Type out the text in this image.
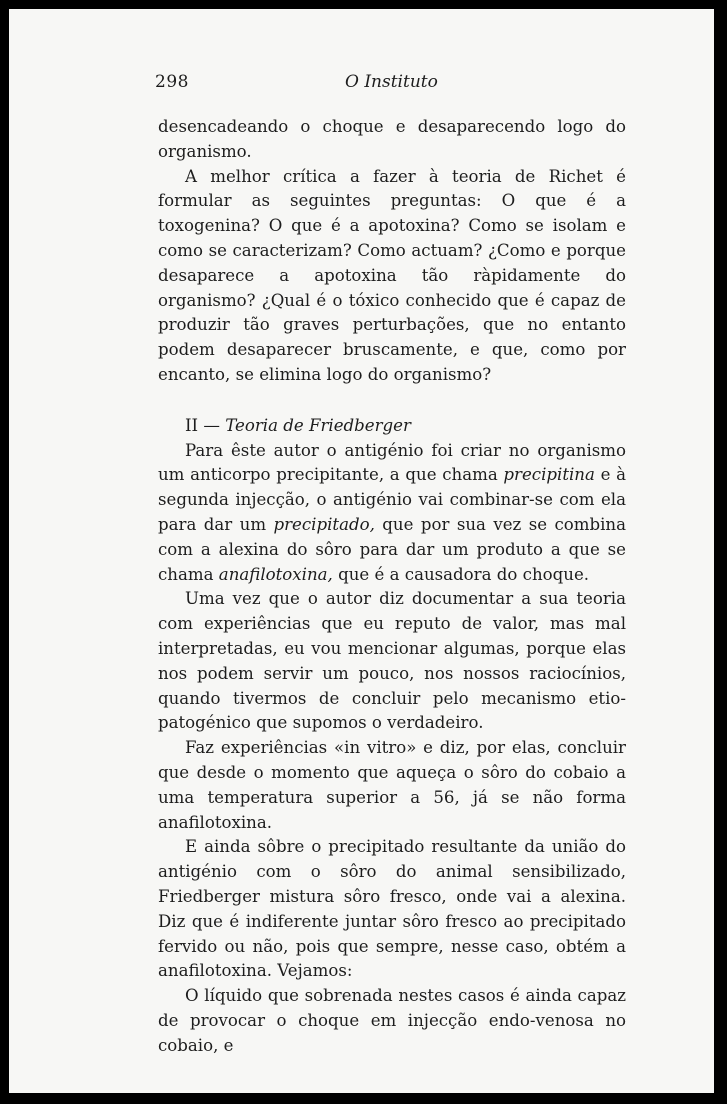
298	O Instituto

desencadeando o choque e desaparecendo logo do organismo.

A melhor crítica a fazer à teoria de Richet é formular as seguintes preguntas: O que é a toxogenina? O que é a apotoxina? Como se isolam e como se caracterizam? Como actuam? ¿Como e porque desaparece a apotoxina tão ràpidamente do organismo? ¿Qual é o tóxico conhecido que é capaz de produzir tão graves perturbações, que no entanto podem desaparecer bruscamente, e que, como por encanto, se elimina logo do organismo?

II — Teoria de Friedberger

Para êste autor o antigénio foi criar no organismo um anticorpo precipitante, a que chama precipitina e à segunda injecção, o antigénio vai combinar-se com ela para dar um precipitado, que por sua vez se combina com a alexina do sôro para dar um produto a que se chama anafilotoxina, que é a causadora do choque.

Uma vez que o autor diz documentar a sua teoria com experiências que eu reputo de valor, mas mal interpretadas, eu vou mencionar algumas, porque elas nos podem servir um pouco, nos nossos raciocínios, quando tivermos de concluir pelo mecanismo etio-patogénico que supomos o verdadeiro.

Faz experiências «in vitro» e diz, por elas, concluir que desde o momento que aqueça o sôro do cobaio a uma temperatura superior a 56, já se não forma anafilotoxina.

E ainda sôbre o precipitado resultante da união do antigénio com o sôro do animal sensibilizado, Friedberger mistura sôro fresco, onde vai a alexina. Diz que é indiferente juntar sôro fresco ao precipitado fervido ou não, pois que sempre, nesse caso, obtém a anafilotoxina. Vejamos:

O líquido que sobrenada nestes casos é ainda capaz de provocar o choque em injecção endo-venosa no cobaio, e
